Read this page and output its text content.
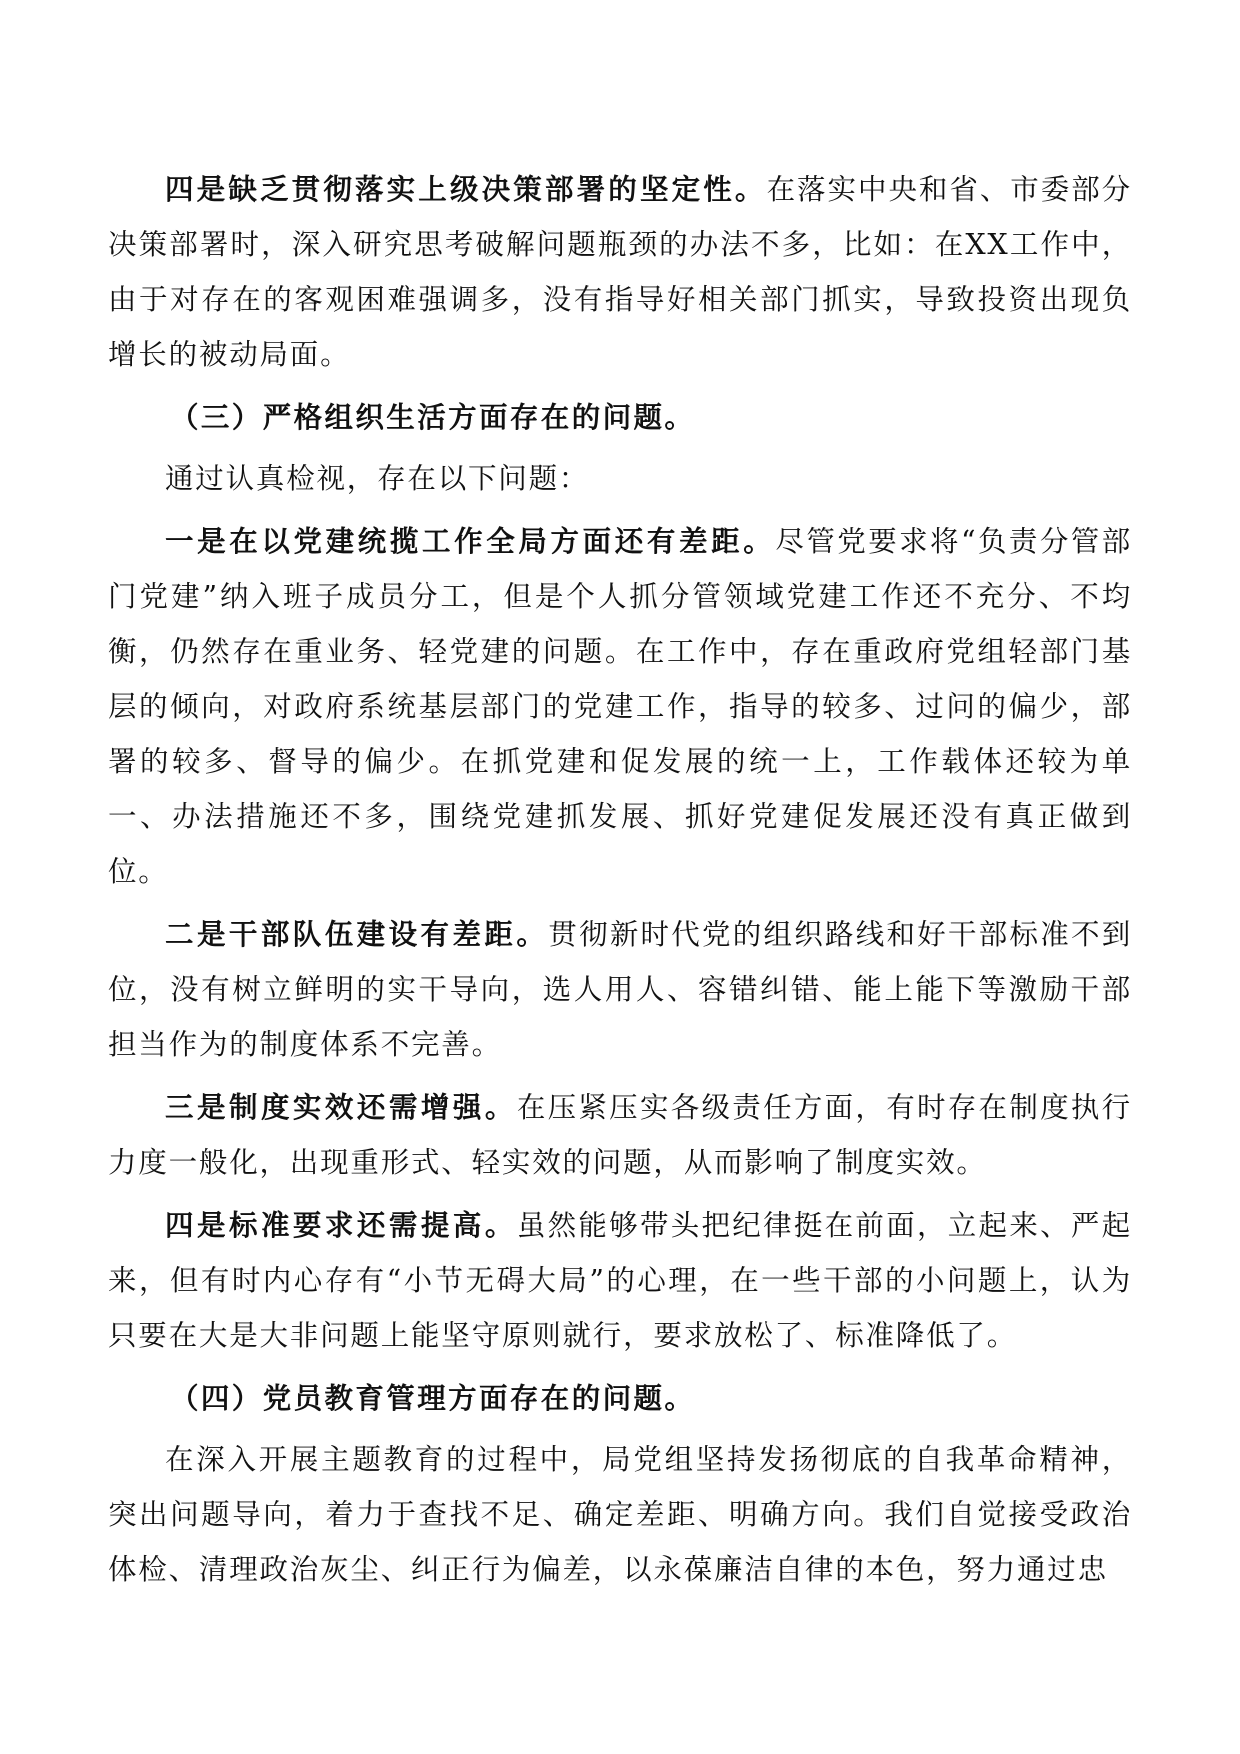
四是缺乏贯彻落实上级决策部署的坚定性。在落实中央和省、市委部分决策部署时，深入研究思考破解问题瓶颈的办法不多，比如：在XX工作中，由于对存在的客观困难强调多，没有指导好相关部门抓实，导致投资出现负增长的被动局面。

（三）严格组织生活方面存在的问题。

通过认真检视，存在以下问题：

一是在以党建统揽工作全局方面还有差距。尽管党要求将“负责分管部门党建”纳入班子成员分工，但是个人抓分管领域党建工作还不充分、不均衡，仍然存在重业务、轻党建的问题。在工作中，存在重政府党组轻部门基层的倾向，对政府系统基层部门的党建工作，指导的较多、过问的偏少，部署的较多、督导的偏少。在抓党建和促发展的统一上，工作载体还较为单一、办法措施还不多，围绕党建抓发展、抓好党建促发展还没有真正做到位。

二是干部队伍建设有差距。贯彻新时代党的组织路线和好干部标准不到位，没有树立鲜明的实干导向，选人用人、容错纠错、能上能下等激励干部担当作为的制度体系不完善。

三是制度实效还需增强。在压紧压实各级责任方面，有时存在制度执行力度一般化，出现重形式、轻实效的问题，从而影响了制度实效。

四是标准要求还需提高。虽然能够带头把纪律挺在前面，立起来、严起来，但有时内心存有“小节无碍大局”的心理，在一些干部的小问题上，认为只要在大是大非问题上能坚守原则就行，要求放松了、标准降低了。

（四）党员教育管理方面存在的问题。

在深入开展主题教育的过程中，局党组坚持发扬彻底的自我革命精神，突出问题导向，着力于查找不足、确定差距、明确方向。我们自觉接受政治体检、清理政治灰尘、纠正行为偏差，以永葆廉洁自律的本色，努力通过忠
